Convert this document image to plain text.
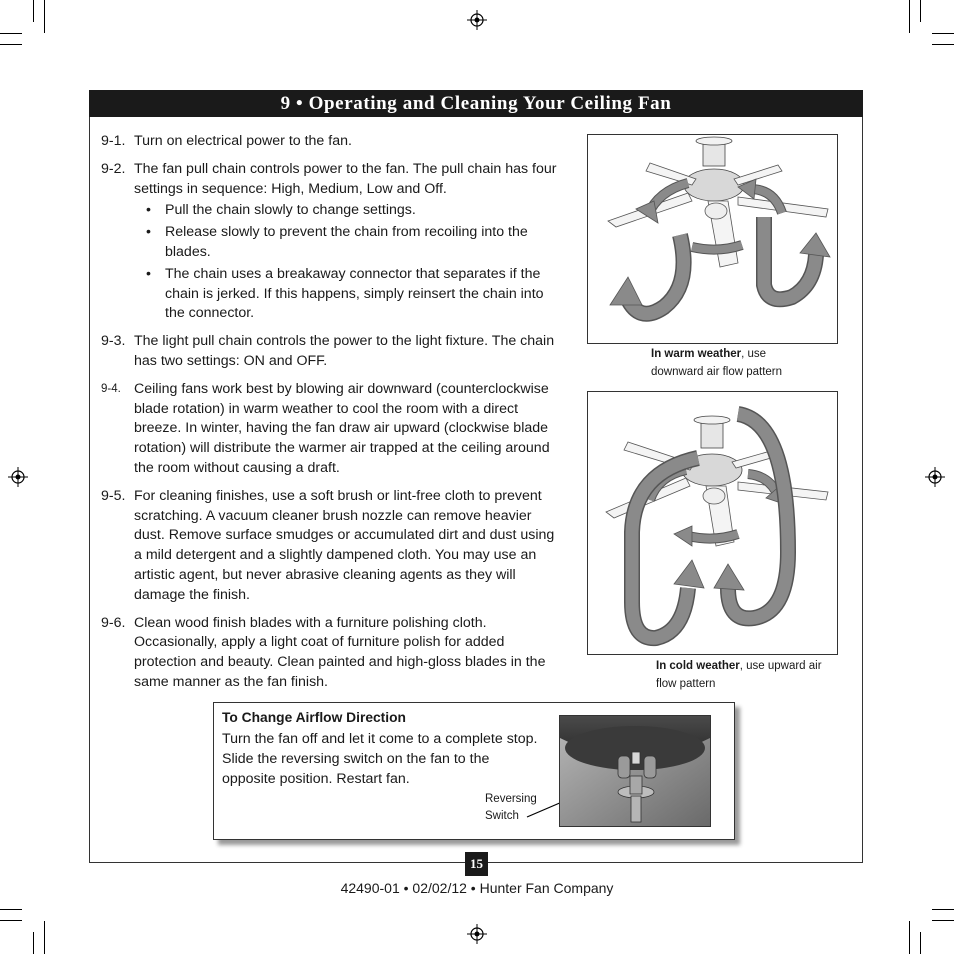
9 • Operating and Cleaning Your Ceiling Fan
9-1. Turn on electrical power to the fan.
9-2. The fan pull chain controls power to the fan. The pull chain has four settings in sequence: High, Medium, Low and Off.
• Pull the chain slowly to change settings.
• Release slowly to prevent the chain from recoiling into the blades.
• The chain uses a breakaway connector that separates if the chain is jerked. If this happens, simply reinsert the chain into the connector.
9-3. The light pull chain controls the power to the light fixture. The chain has two settings: ON and OFF.
9-4. Ceiling fans work best by blowing air downward (counterclockwise blade rotation) in warm weather to cool the room with a direct breeze. In winter, having the fan draw air upward (clockwise blade rotation) will distribute the warmer air trapped at the ceiling around the room without causing a draft.
9-5. For cleaning finishes, use a soft brush or lint-free cloth to prevent scratching. A vacuum cleaner brush nozzle can remove heavier dust. Remove surface smudges or accumulated dirt and dust using a mild detergent and a slightly dampened cloth. You may use an artistic agent, but never abrasive cleaning agents as they will damage the finish.
9-6. Clean wood finish blades with a furniture polishing cloth. Occasionally, apply a light coat of furniture polish for added protection and beauty. Clean painted and high-gloss blades in the same manner as the fan finish.
In warm weather, use downward air flow pattern
In cold weather, use upward air flow pattern
To Change Airflow Direction
Turn the fan off and let it come to a complete stop. Slide the reversing switch on the fan to the opposite position. Restart fan.
Reversing
Switch
15
42490-01 • 02/02/12 • Hunter Fan Company
